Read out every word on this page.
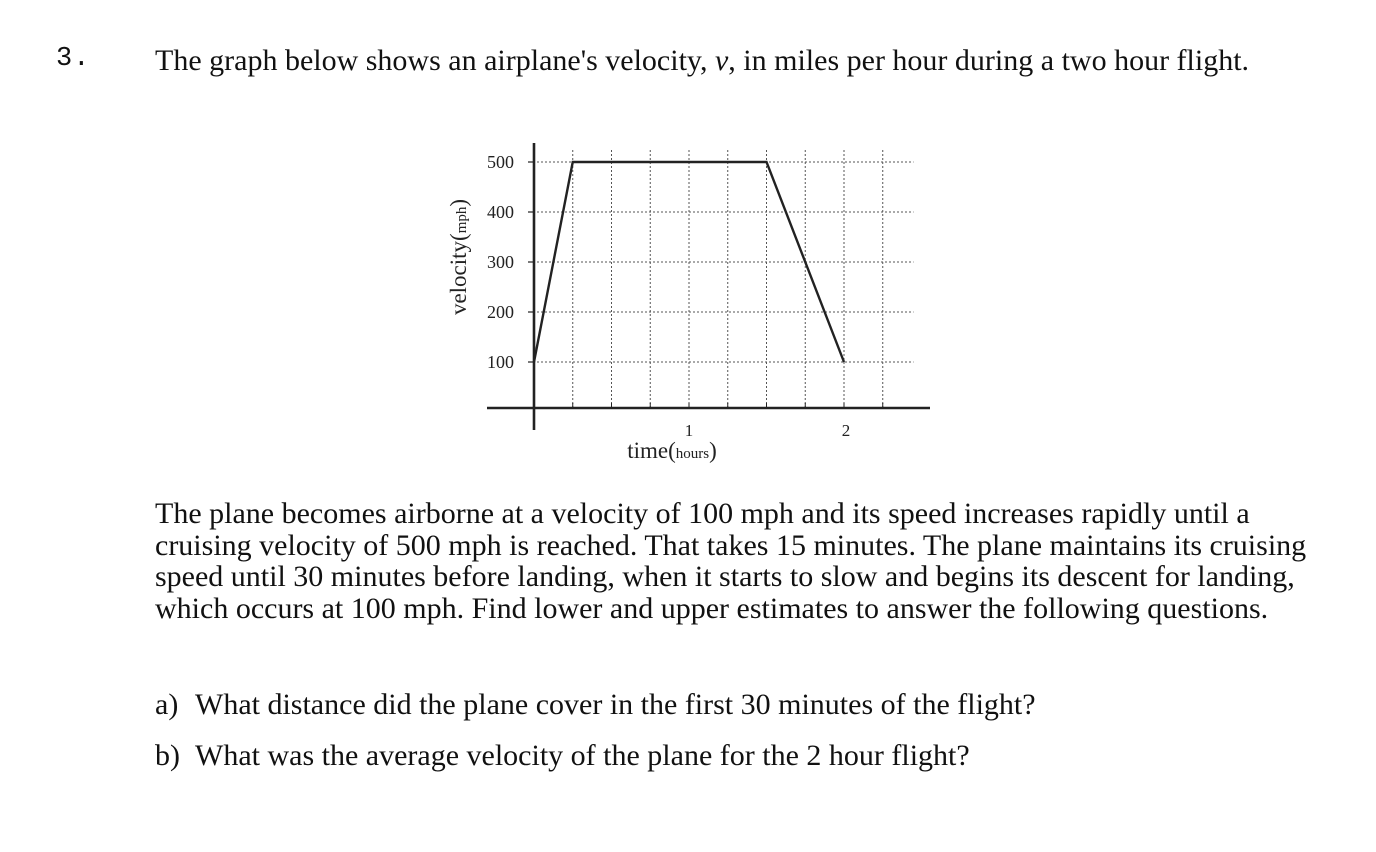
3. The graph below shows an airplane's velocity, v, in miles per hour during a two hour flight.
100
200
300
400
500
1	2
time(hours)
velocity(mph)
The plane becomes airborne at a velocity of 100 mph and its speed increases rapidly until a cruising velocity of 500 mph is reached. That takes 15 minutes. The plane maintains its cruising speed until 30 minutes before landing, when it starts to slow and begins its descent for landing, which occurs at 100 mph. Find lower and upper estimates to answer the following questions.
a) What distance did the plane cover in the first 30 minutes of the flight?
b) What was the average velocity of the plane for the 2 hour flight?
